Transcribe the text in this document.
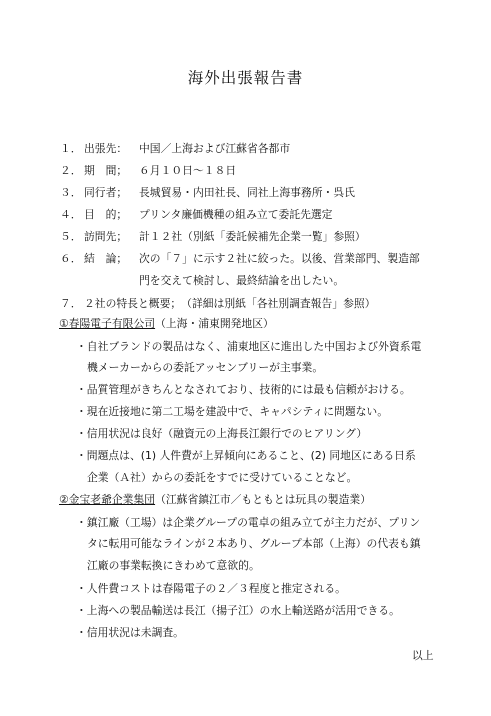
海外出張報告書
１． 出張先： 中国／上海および江蘇省各都市
２． 期　間； ６月１０日～１８日
３． 同行者； 長城貿易・内田社長、同社上海事務所・呉氏
４． 目　的； プリンタ廉価機種の組み立て委託先選定
５． 訪問先； 計１２社（別紙「委託候補先企業一覧」参照）
６． 結　論； 次の「７」に示す２社に絞った。以後、営業部門、製造部
門を交えて検討し、最終結論を出したい。
７． ２社の特長と概要；　（詳細は別紙「各社別調査報告」参照）
①春陽電子有限公司（上海・浦東開発地区）
・自社ブランドの製品はなく、浦東地区に進出した中国および外資系電
機メーカーからの委託アッセンブリーが主事業。
・品質管理がきちんとなされており、技術的には最も信頼がおける。
・現在近接地に第二工場を建設中で、キャパシティに問題ない。
・信用状況は良好（融資元の上海長江銀行でのヒアリング）
・問題点は、(1) 人件費が上昇傾向にあること、(2) 同地区にある日系
企業（Ａ社）からの委託をすでに受けていることなど。
②金宝老爺企業集団（江蘇省鎮江市／もともとは玩具の製造業）
・鎮江廠（工場）は企業グループの電卓の組み立てが主力だが、プリン
タに転用可能なラインが２本あり、グループ本部（上海）の代表も鎮
江廠の事業転換にきわめて意欲的。
・人件費コストは春陽電子の２／３程度と推定される。
・上海への製品輸送は長江（揚子江）の水上輸送路が活用できる。
・信用状況は未調査。
以上
